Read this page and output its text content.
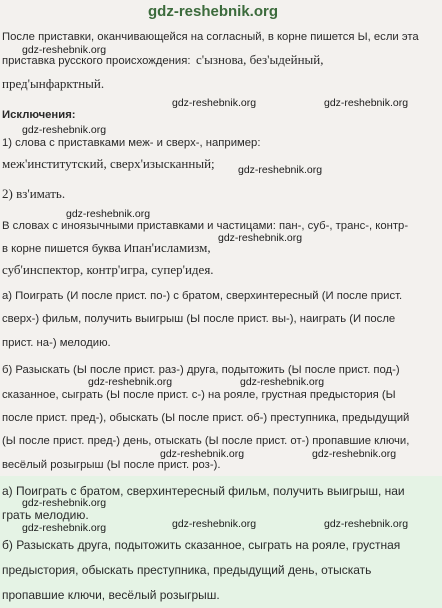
gdz-reshebnik.org
После приставки, оканчивающейся на согласный, в корне пишется Ы, если эта
gdz-reshebnik.org
приставка русского происхождения: с'ызнова, без'ыдейный,
пред'ынфарктный.
gdz-reshebnik.org	gdz-reshebnik.org
Исключения:
gdz-reshebnik.org
1) слова с приставками меж- и сверх-, например:
меж'институтский, сверх'изысканный; gdz-reshebnik.org
2) вз'имать.
gdz-reshebnik.org
В словах с иноязычными приставками и частицами: пан-, суб-, транс-, контр-
gdz-reshebnik.org
в корне пишется буква И:
пан'исламизм,
суб'инспектор, контр'игра, супер'идея.
а) Поиграть (И после прист. по-) с братом, сверхинтересный (И после прист.
сверх-) фильм, получить выигрыш (Ы после прист. вы-), наиграть (И после
прист. на-) мелодию.
б) Разыскать (Ы после прист. раз-) друга, подытожить (Ы после прист. под-)
gdz-reshebnik.org	gdz-reshebnik.org
сказанное, сыграть (Ы после прист. с-) на рояле, грустная предыстория (Ы
после прист. пред-), обыскать (Ы после прист. об-) преступника, предыдущий
(Ы после прист. пред-) день, отыскать (Ы после прист. от-) пропавшие ключи,
gdz-reshebnik.org	gdz-reshebnik.org
весёлый розыгрыш (Ы после прист. роз-).
а) Поиграть с братом, сверхинтересный фильм, получить выигрыш, наи
gdz-reshebnik.org
грать мелодию.
gdz-reshebnik.org	gdz-reshebnik.org	gdz-reshebnik.org
б) Разыскать друга, подытожить сказанное, сыграть на рояле, грустная
предыстория, обыскать преступника, предыдущий день, отыскать
пропавшие ключи, весёлый розыгрыш.
